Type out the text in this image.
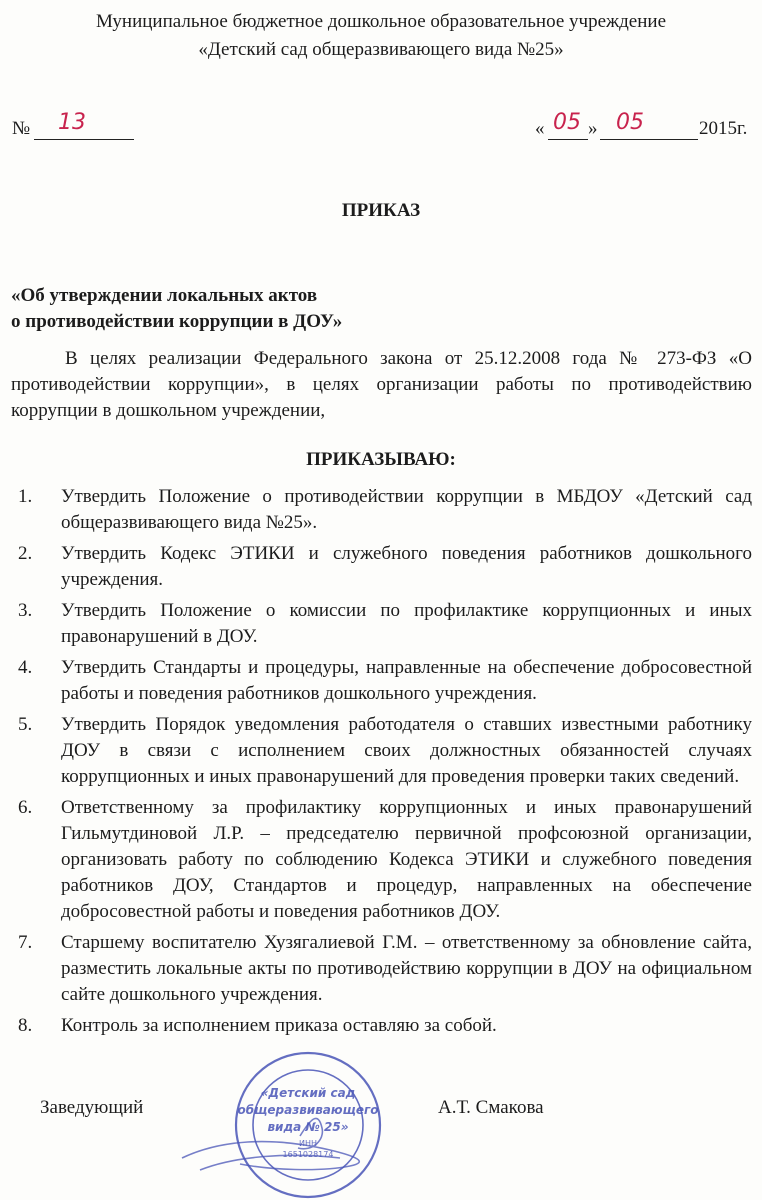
Муниципальное бюджетное дошкольное образовательное учреждение
«Детский сад общеразвивающего вида №25»
№ 13	« 05 » 05	2015г.
ПРИКАЗ
«Об утверждении локальных актов
о противодействии коррупции в ДОУ»
В целях реализации Федерального закона от 25.12.2008 года № 273-ФЗ «О
противодействии коррупции», в целях организации работы по противодействию
коррупции в дошкольном учреждении,
ПРИКАЗЫВАЮ:
1. Утвердить Положение о противодействии коррупции в МБДОУ «Детский сад общеразвивающего вида №25».
2. Утвердить Кодекс ЭТИКИ и служебного поведения работников дошкольного учреждения.
3. Утвердить Положение о комиссии по профилактике коррупционных и иных правонарушений в ДОУ.
4. Утвердить Стандарты и процедуры, направленные на обеспечение добросовестной работы и поведения работников дошкольного учреждения.
5. Утвердить Порядок уведомления работодателя о ставших известными работнику ДОУ в связи с исполнением своих должностных обязанностей случаях коррупционных и иных правонарушений для проведения проверки таких сведений.
6. Ответственному за профилактику коррупционных и иных правонарушений Гильмутдиновой Л.Р. – председателю первичной профсоюзной организации, организовать работу по соблюдению Кодекса ЭТИКИ и служебного поведения работников ДОУ, Стандартов и процедур, направленных на обеспечение добросовестной работы и поведения работников ДОУ.
7. Старшему воспитателю Хузягалиевой Г.М. – ответственному за обновление сайта, разместить локальные акты по противодействию коррупции в ДОУ на официальном сайте дошкольного учреждения.
8. Контроль за исполнением приказа оставляю за собой.
Заведующий	А.Т. Смакова
«Детский сад
общеразвивающего
вида № 25»
ИНН
1651028174
